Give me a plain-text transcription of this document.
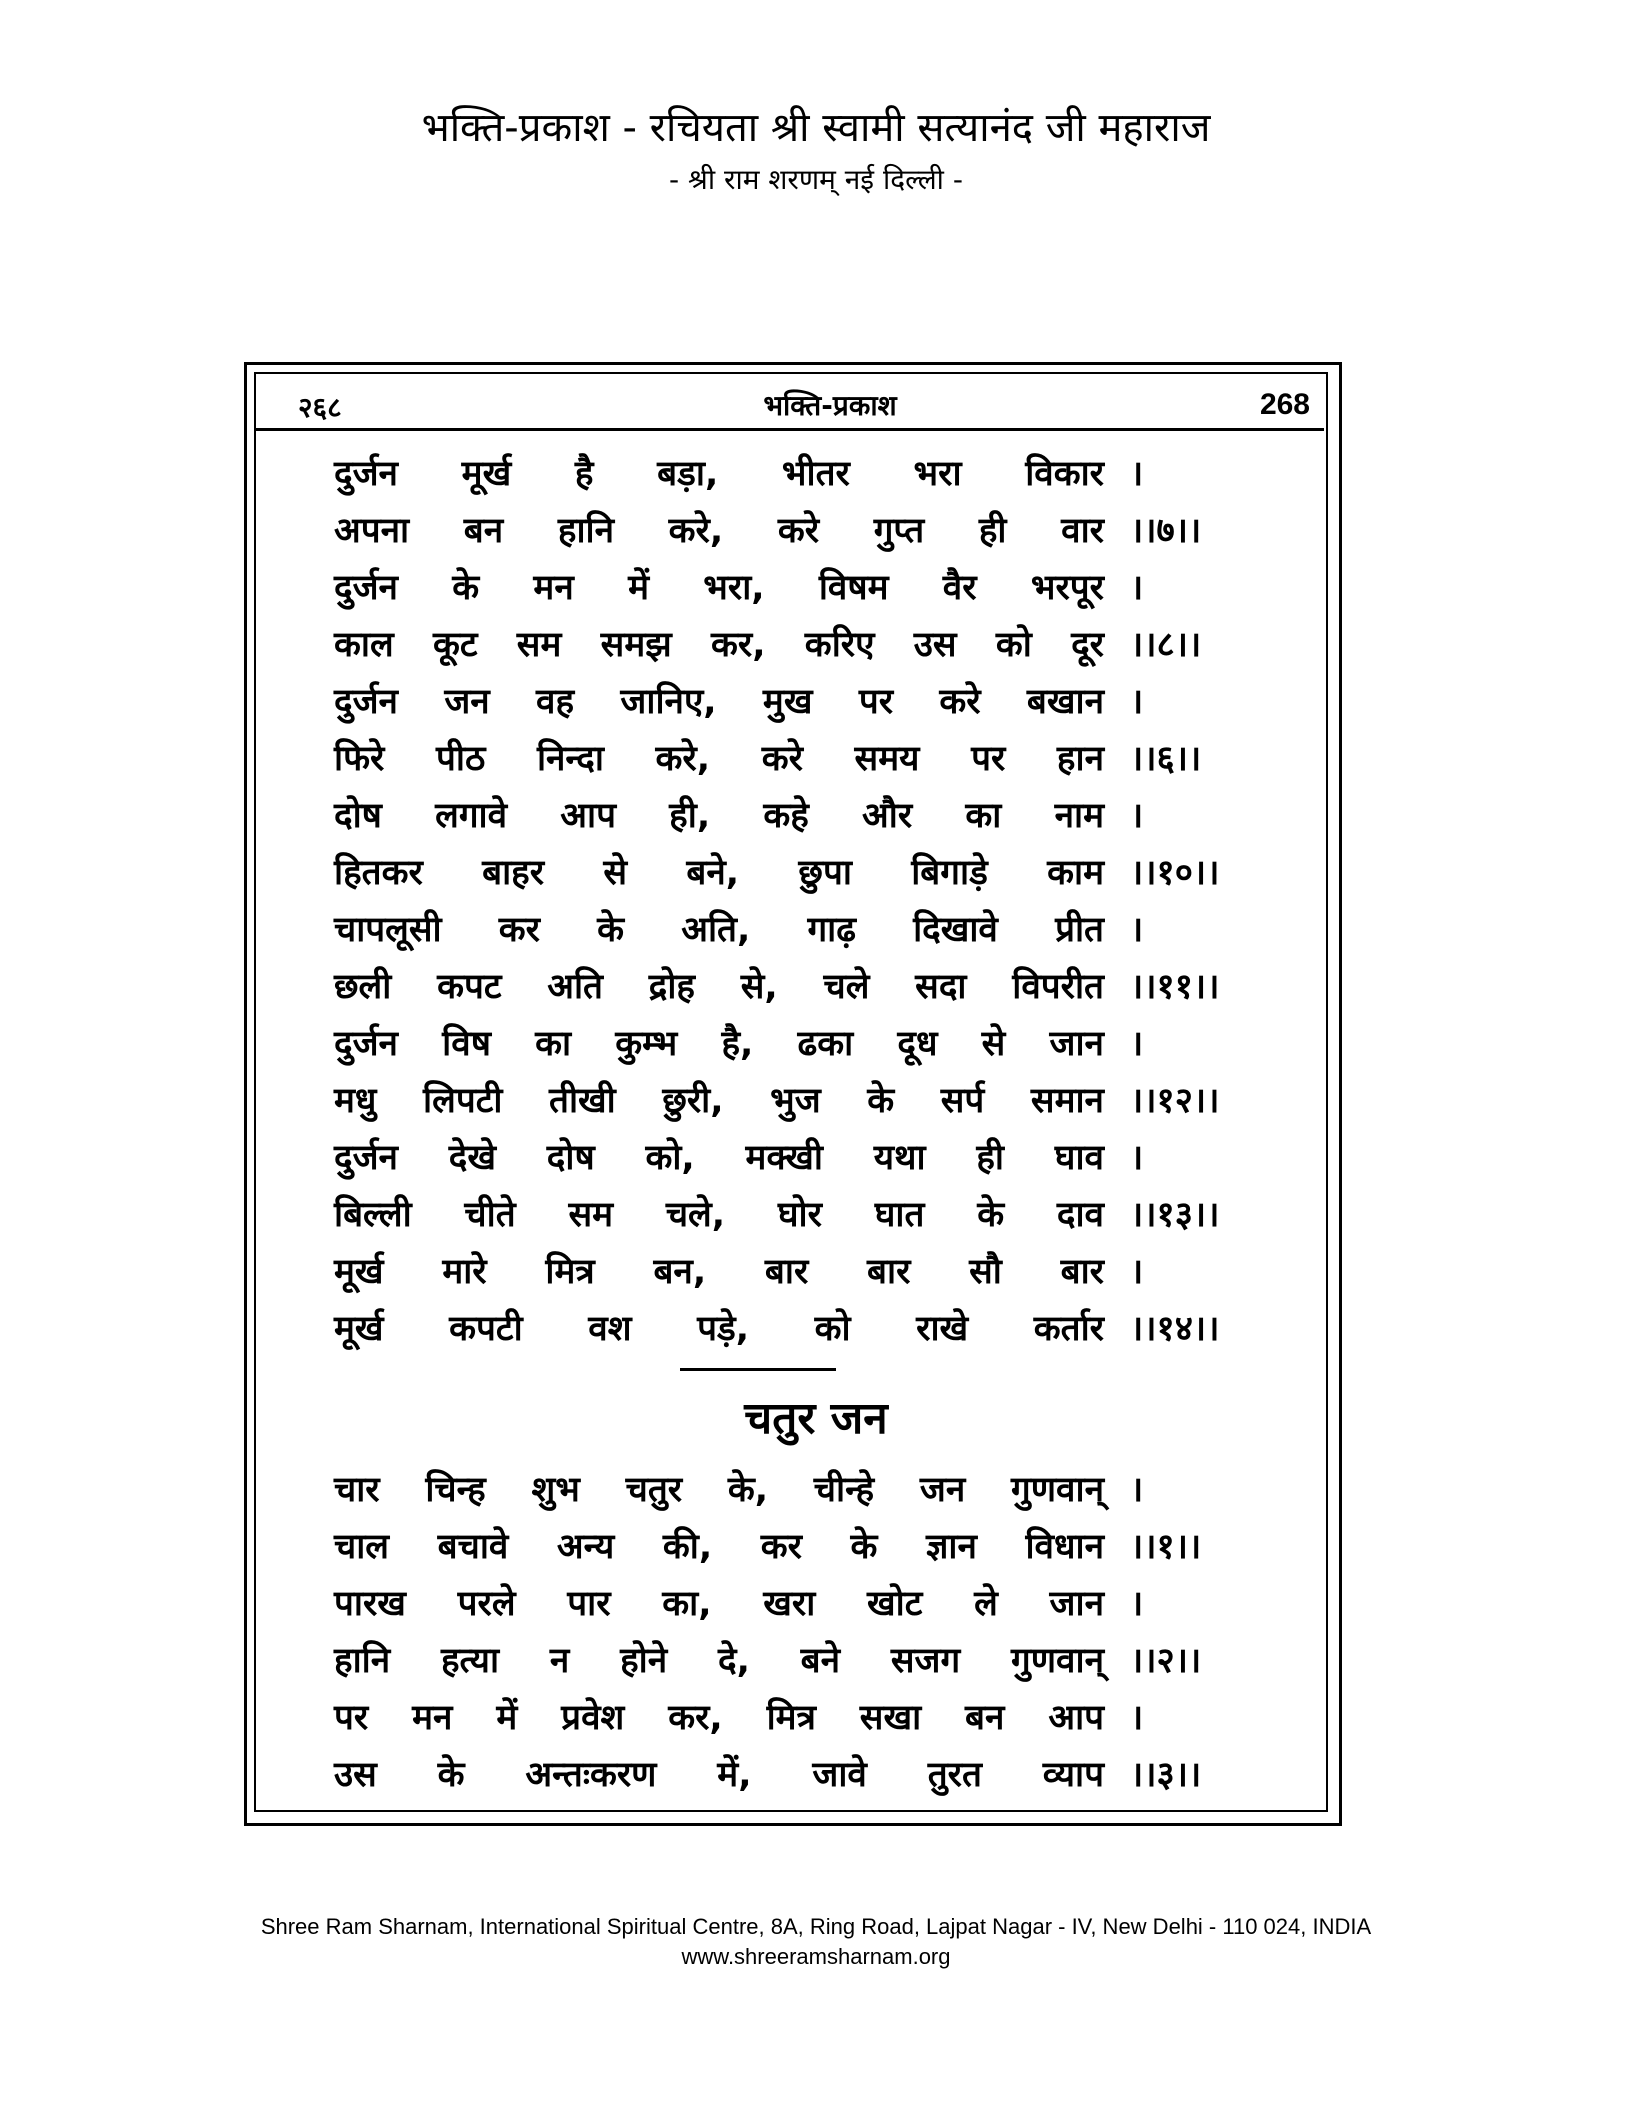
भक्ति-प्रकाश - रचियता श्री स्वामी सत्यानंद जी महाराज
- श्री राम शरणम् नई दिल्ली -
२६८	भक्ति-प्रकाश	268
दुर्जन मूर्ख है बड़ा, भीतर भरा विकार ।
अपना बन हानि करे, करे गुप्त ही वार ।।७।।
दुर्जन के मन में भरा, विषम वैर भरपूर ।
काल कूट सम समझ कर, करिए उस को दूर ।।८।।
दुर्जन जन वह जानिए, मुख पर करे बखान ।
फिरे पीठ निन्दा करे, करे समय पर हान ।।६।।
दोष लगावे आप ही, कहे और का नाम ।
हितकर बाहर से बने, छुपा बिगाड़े काम ।।१०।।
चापलूसी कर के अति, गाढ़ दिखावे प्रीत ।
छली कपट अति द्रोह से, चले सदा विपरीत ।।११।।
दुर्जन विष का कुम्भ है, ढका दूध से जान ।
मधु लिपटी तीखी छुरी, भुज के सर्प समान ।।१२।।
दुर्जन देखे दोष को, मक्खी यथा ही घाव ।
बिल्ली चीते सम चले, घोर घात के दाव ।।१३।।
मूर्ख मारे मित्र बन, बार बार सौ बार ।
मूर्ख कपटी वश पड़े, को राखे कर्तार ।।१४।।
चतुर जन
चार चिन्ह शुभ चतुर के, चीन्हे जन गुणवान् ।
चाल बचावे अन्य की, कर के ज्ञान विधान ।।१।।
पारख परले पार का, खरा खोट ले जान ।
हानि हत्या न होने दे, बने सजग गुणवान् ।।२।।
पर मन में प्रवेश कर, मित्र सखा बन आप ।
उस के अन्तःकरण में, जावे तुरत व्याप ।।३।।
Shree Ram Sharnam, International Spiritual Centre, 8A, Ring Road, Lajpat Nagar - IV, New Delhi - 110 024, INDIA
www.shreeramsharnam.org
